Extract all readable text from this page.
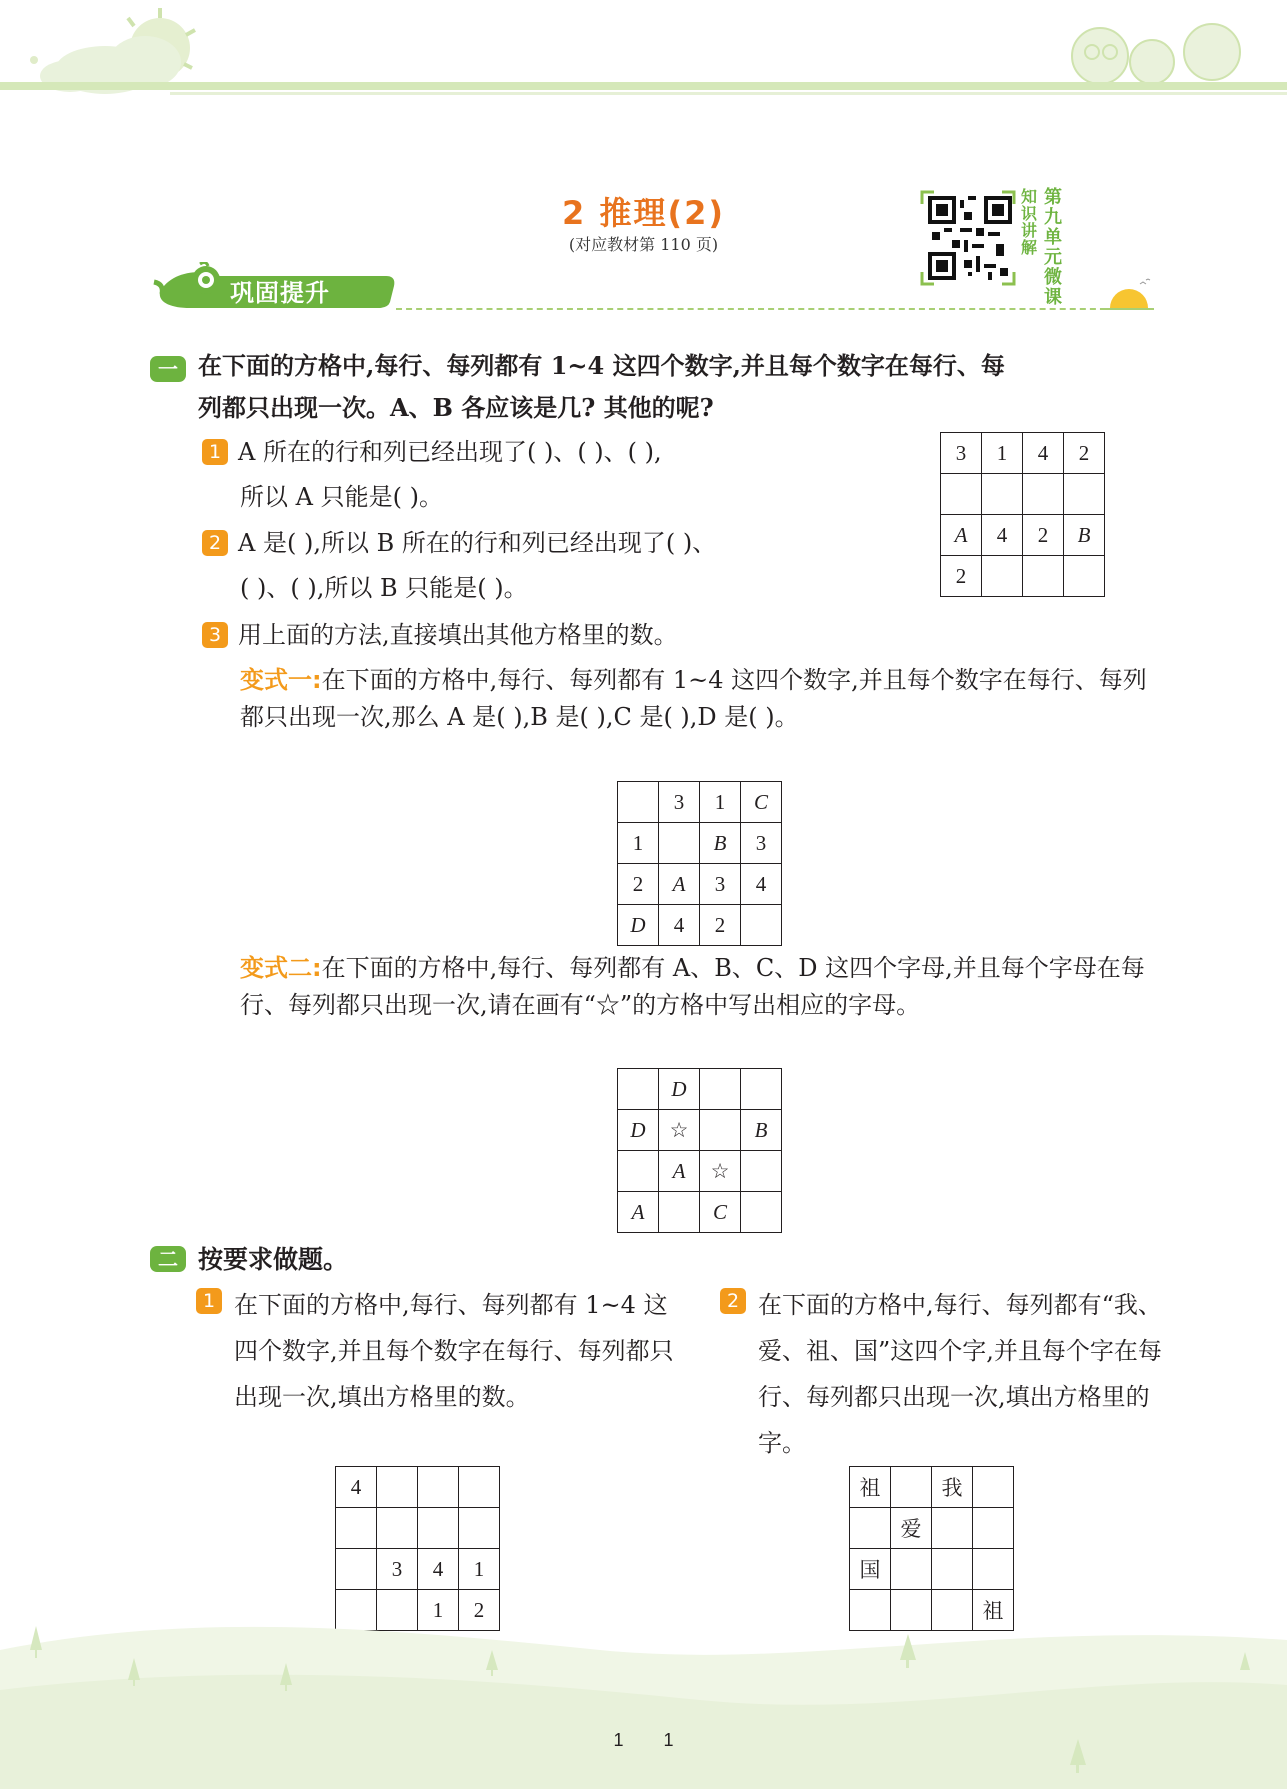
2 推理(2)
(对应教材第 110 页)
知识讲解
第九单元微课
巩固提升
一 在下面的方格中,每行、每列都有 1~4 这四个数字,并且每个数字在每行、每
列都只出现一次。A、B 各应该是几? 其他的呢?
1 A 所在的行和列已经出现了( )、( )、( ),
所以 A 只能是( )。
2 A 是( ),所以 B 所在的行和列已经出现了( )、
( )、( ),所以 B 只能是( )。
3 用上面的方法,直接填出其他方格里的数。
3	1	4	2

A	4	2	B
2			
变式一:在下面的方格中,每行、每列都有 1~4 这四个数字,并且每个数字在每行、每列都只出现一次,那么 A 是( ),B 是( ),C 是( ),D 是( )。
	3	1	C
1		B	3
2	A	3	4
D	4	2	
变式二:在下面的方格中,每行、每列都有 A、B、C、D 这四个字母,并且每个字母在每行、每列都只出现一次,请在画有“☆”的方格中写出相应的字母。
	D		
D	☆		B
	A	☆	
A		C	
二 按要求做题。
1 在下面的方格中,每行、每列都有 1~4 这四个数字,并且每个数字在每行、每列都只出现一次,填出方格里的数。
2 在下面的方格中,每行、每列都有“我、爱、祖、国”这四个字,并且每个字在每行、每列都只出现一次,填出方格里的字。
4			

	3	4	1
		1	2
祖		我	
	爱		
国			
			祖
1        1
